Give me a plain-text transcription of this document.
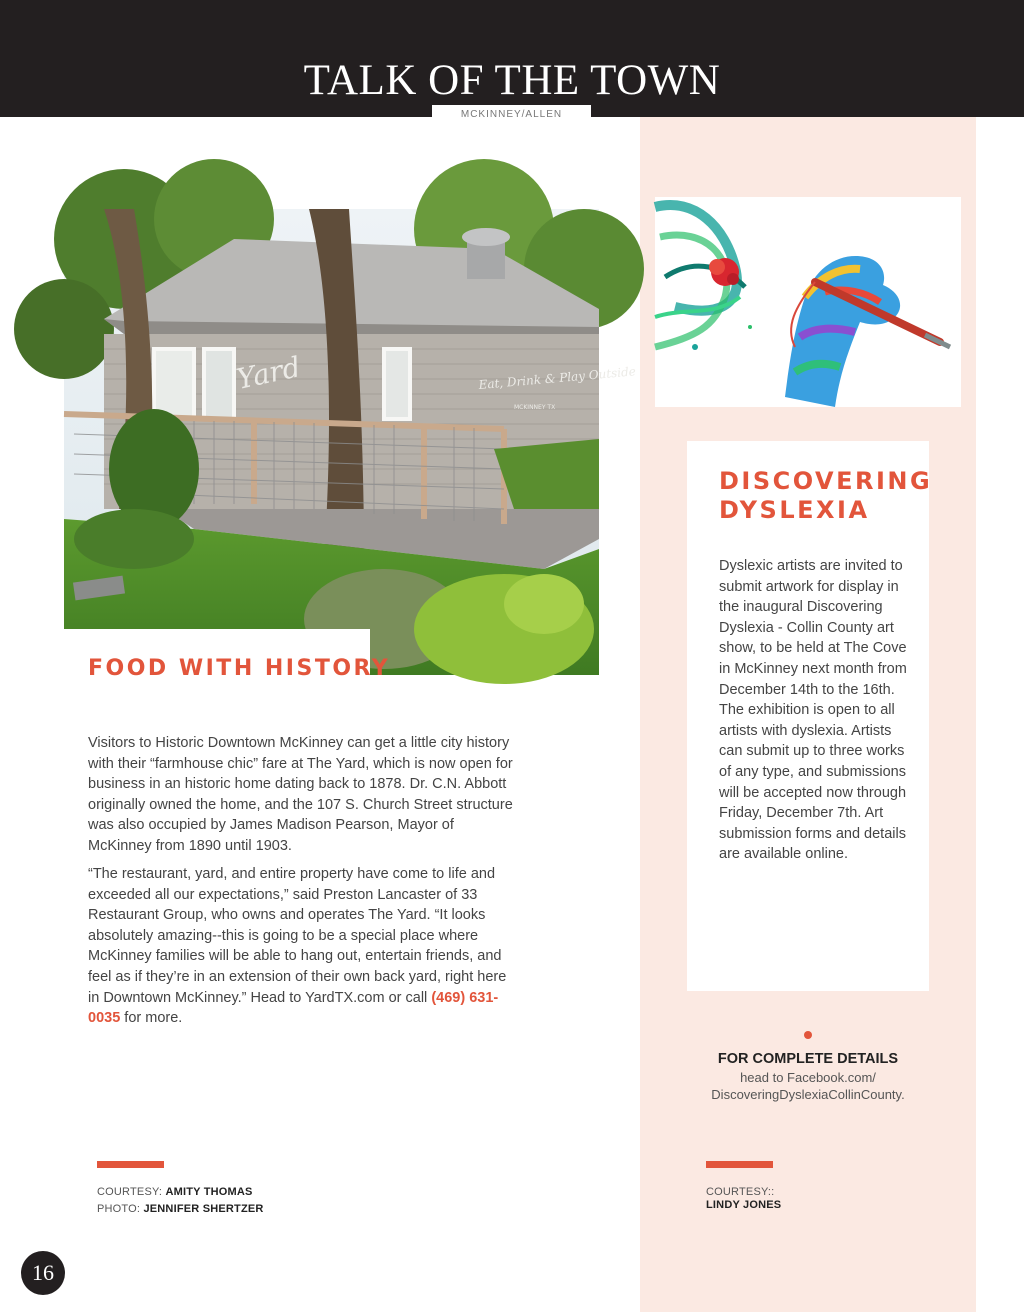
TALK OF THE TOWN
MCKINNEY/ALLEN
Yard	Eat, Drink & Play Outside
MCKINNEY TX
FOOD WITH HISTORY

Visitors to Historic Downtown McKinney can get a little city history with their “farmhouse chic” fare at The Yard, which is now open for business in an historic home dating back to 1878. Dr. C.N. Abbott originally owned the home, and the 107 S. Church Street structure was also occupied by James Madison Pearson, Mayor of McKinney from 1890 until 1903.

“The restaurant, yard, and entire property have come to life and exceeded all our expectations,” said Preston Lancaster of 33 Restaurant Group, who owns and operates The Yard. “It looks absolutely amazing--this is going to be a special place where McKinney families will be able to hang out, entertain friends, and feel as if they’re in an extension of their own back yard, right here in Downtown McKinney.” Head to YardTX.com or call (469) 631-0035 for more.

COURTESY: AMITY THOMAS
PHOTO: JENNIFER SHERTZER
DISCOVERING
DYSLEXIA

Dyslexic artists are invited to submit artwork for display in the inaugural Discovering Dyslexia - Collin County art show, to be held at The Cove in McKinney next month from December 14th to the 16th. The exhibition is open to all artists with dyslexia. Artists can submit up to three works of any type, and submissions will be accepted now through Friday, December 7th. Art submission forms and details are available online.

FOR COMPLETE DETAILS
head to Facebook.com/
DiscoveringDyslexiaCollinCounty.
COURTESY::
LINDY JONES
16
